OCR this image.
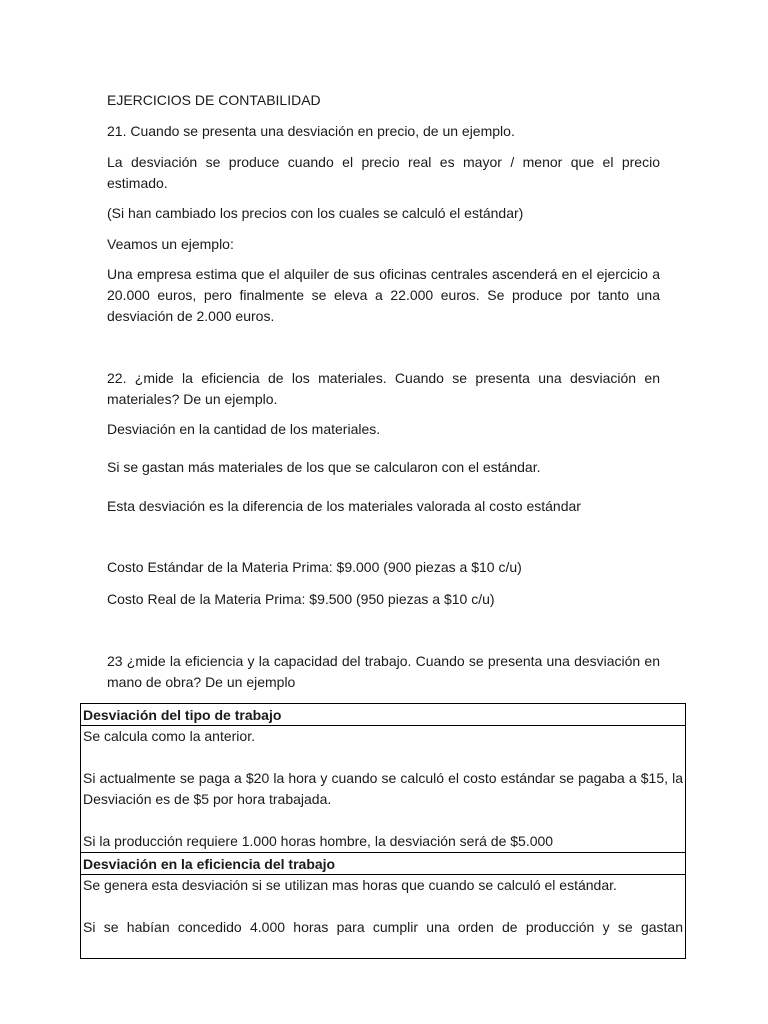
EJERCICIOS DE CONTABILIDAD

21. Cuando se presenta una desviación en precio, de un ejemplo.

La desviación se produce cuando el precio real es mayor / menor que el precio estimado.

(Si han cambiado los precios con los cuales se calculó el estándar)

Veamos un ejemplo:

Una empresa estima que el alquiler de sus oficinas centrales ascenderá en el ejercicio a 20.000 euros, pero finalmente se eleva a 22.000 euros. Se produce por tanto una desviación de 2.000 euros.

22. ¿mide la eficiencia de los materiales. Cuando se presenta una desviación en materiales? De un ejemplo.

Desviación en la cantidad de los materiales.

Si se gastan más materiales de los que se calcularon con el estándar.

Esta desviación es la diferencia de los materiales valorada al costo estándar

Costo Estándar de la Materia Prima: $9.000 (900 piezas a $10 c/u)

Costo Real de la Materia Prima: $9.500 (950 piezas a $10 c/u)

23 ¿mide la eficiencia y la capacidad del trabajo. Cuando se presenta una desviación en mano de obra? De un ejemplo

Desviación del tipo de trabajo

Se calcula como la anterior.

Si actualmente se paga a $20 la hora y cuando se calculó el costo estándar se pagaba a $15, la Desviación es de $5 por hora trabajada.

Si la producción requiere 1.000 horas hombre, la desviación será de $5.000

Desviación en la eficiencia del trabajo

Se genera esta desviación si se utilizan mas horas que cuando se calculó el estándar.

Si se habían concedido 4.000 horas para cumplir una orden de producción y se gastan
